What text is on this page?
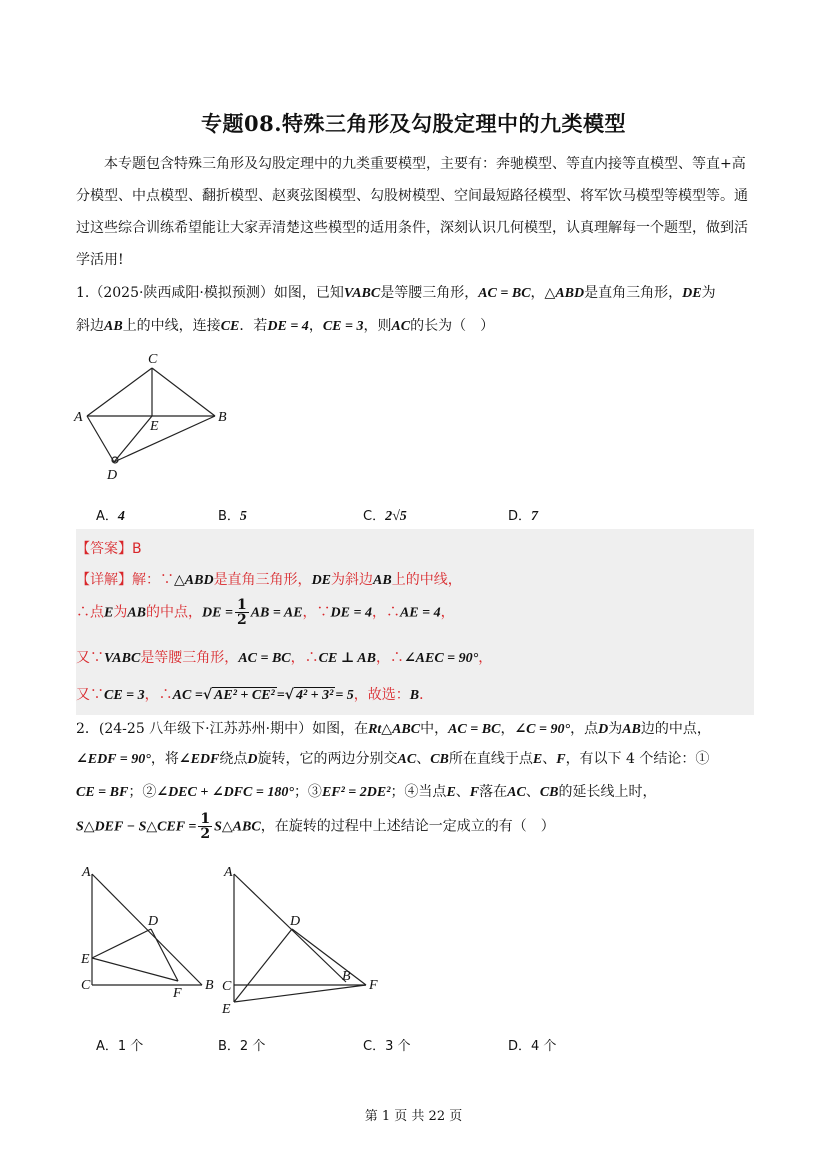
专题08.特殊三角形及勾股定理中的九类模型
本专题包含特殊三角形及勾股定理中的九类重要模型，主要有：奔驰模型、等直内接等直模型、等直+高分模型、中点模型、翻折模型、赵爽弦图模型、勾股树模型、空间最短路径模型、将军饮马模型等模型等。通过这些综合训练希望能让大家弄清楚这些模型的适用条件，深刻认识几何模型，认真理解每一个题型，做到活学活用!
1.（2025·陕西咸阳·模拟预测）如图，已知VABC是等腰三角形，AC = BC，△ABD是直角三角形，DE为
斜边AB上的中线，连接CE．若DE = 4，CE = 3，则AC的长为（　）
C
A	B
E
D
A．4	B．5	C．2√5	D．7
【答案】B
【详解】解：∵△ABD是直角三角形，DE为斜边AB上的中线，
∴点E为AB的中点，DE = $\frac{1}{2}$ AB = AE，∵DE = 4，∴AE = 4，
又∵VABC是等腰三角形，AC = BC，∴CE ⊥ AB，∴∠AEC = 90°，
又∵CE = 3，∴AC =√ AE² + CE² =√ 4² + 3² = 5，故选：B．
2．(24-25 八年级下·江苏苏州·期中）如图，在Rt△ABC中，AC = BC，∠C = 90°，点D为AB边的中点，
∠EDF = 90°，将∠EDF绕点D旋转，它的两边分别交AC、CB所在直线于点E、F，有以下 4 个结论：①
CE = BF；②∠DEC + ∠DFC = 180°；③EF² = 2DE²；④当点E、F落在AC、CB的延长线上时，
S△DEF − S△CEF = $\frac{1}{2}$ S△ABC，在旋转的过程中上述结论一定成立的有（　）
A
C	B
D
E
F
A
C
B
D
E
F
A．1 个	B．2 个	C．3 个	D．4 个
第 1 页 共 22 页
